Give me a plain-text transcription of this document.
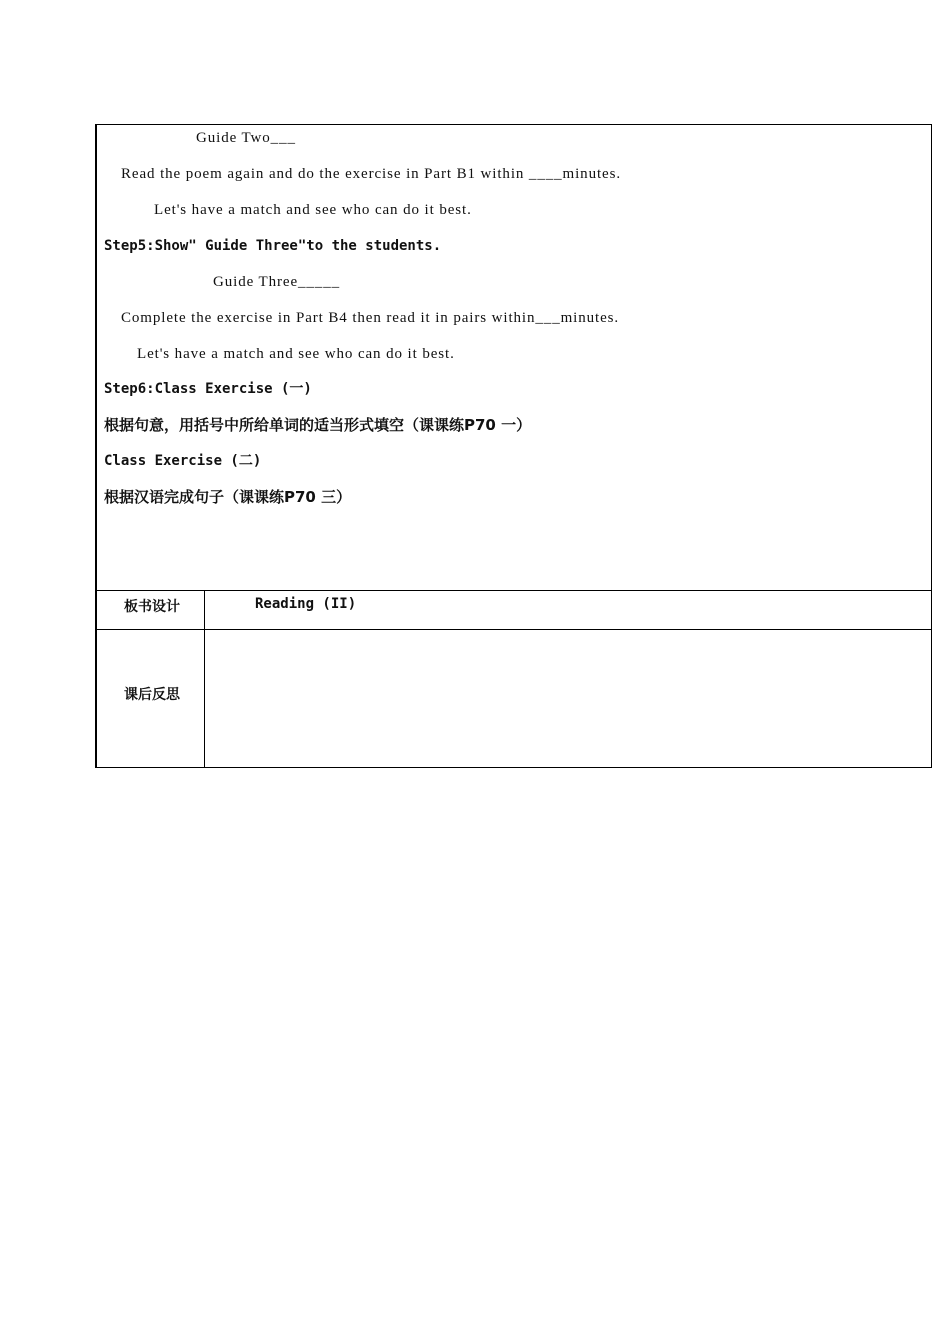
Guide Two___
Read the poem again and do the exercise in Part B1 within ____minutes.
Let's have a match and see who can do it best.
Step5:Show" Guide Three"to the students.
Guide Three_____
Complete the exercise in Part B4 then read it in pairs within___minutes.
Let's have a match and see who can do it best.
Step6:Class Exercise (一)
根据句意，用括号中所给单词的适当形式填空（课课练P70 一）
Class Exercise (二)
根据汉语完成句子（课课练P70 三）
板书设计	Reading (II)
课后反思
